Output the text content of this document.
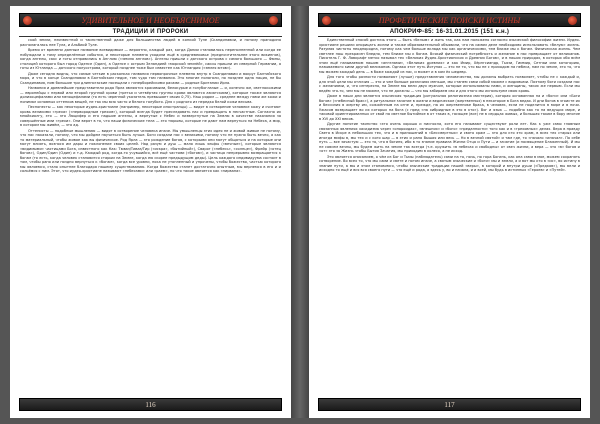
УДИВИТЕЛЬНОЕ И НЕОБЪЯСНИМОЕ
ТРАДИЦИИ И ПРОРОКИ

ской земли, неизвестной и таинственной даже для большинства людей в конкой Туле (Скандинавии, и потому праподина располагалась нее Тула, и Альбиой Туле.

Время от времени данным название всевидимым — вероятно, каждый раз, когда Дании становилось переполненной или когда ее побуждали к тому определённые события, и некоторые племена уходили ещё в средневековье (предпочтительнее этого викингов), когда ангелы, сакс и готы отправились в Англию («землю англов»). Ангелы пришли с датского острова с самого большого — Фюны, столицей которого был город Оденсе (Один), а Оденсе с острым Зеландией «морской землёй», саксы пришли из северной Германии, а готы из Ютланда — датского полуострова, который позднее тоже был известен как Ютландия («земля ютов»).

Даже сегодня видны, что самые четкие в раскопках названия первопрочные племена внутр в Скандинавии и вокруг Балтийского моря, и что в конце Скандинавии в Балтийском недре, том чудо там названия. Это многие полагали, но позднее одна нация, не бы Скандинавия, ним большие три длинногаские посещали с гиперборейскими расами — родные Британии Ирла.

Названия и древнейшие представители рода Ярла являются красивыми, белокурые и голубоглазые — и, конечно же, светлокожими — европейцы с первой или второй группой крови (третья и четвёртая группы крови являются азиатскими), которые также являются долихоцефалами или мезоцефалами (то есть черепной указатель превышает своих 0,75). Наш рядом — среднее между нами же кожи и понимал основных оттенков вещей, не так мы всю часто и белого голубого. Для с родного из нередко белой кожи весьма.

Песнопесты — как некоторые иудео-христиане (например, некоторые иностранцы) — видят в сотворение человеке кожу и считают кровь великими «греха» («первородным грехом»), который всегда будет преследовать нас и превращать в несчастные. Согласно их мнойкиолгу, это — это Люцифер и его падшие ангелы, а вернутые с Небес и низвергнутые на Землю в качестве наказания за совершённые ими «грехи». Они верят в то, что наши физические тела — это тюрьмы, которые не дают нам вернуться на Небеса, а мир, в котором мы живём, — это ад.

Оттенисты — подобные мышлению — видят в сотворение человека иначе. Мы умышленцы этих идея не и живой живые не потому, что нас наказали, потому, что мы дойдем научиться быть лучше. Боги создали нас с великими, потому что не нужно быть вечно, а как то материальный, чтобы живое как вы физическое. Род Ярла — это рождение богов, с которыми они могут общаться и на которые они могут влиять, вознося им дары и поклонение своих целей. Над разум и душ — мало лишь эльфы («вечные»), которые являются «видимыми» частицами Бога, известного как Как: Тюваз/Тиваз/Тир («искра», «бытийный»), Сварог («небесь», «солнце»), Фрейр («отец богов»), Один/Один (Один) и т.д. Каждый род, когда-то учувшийся, всё ещё частями («богов»), и частица непрерывно возвращается к богам (то есть, когда человек становится старым на Земле, когда ею скорее предыдущим деды). Цель каждого индивидуума состоит в том, чтобы рано или поздно вернуться к «богам», когда все уровни, пока не утопленный и упрочены, чтобы божество, частью которого мы являемся, стало опытнее благодаря нашему существованию. Когда божество станет достаточно опытным, мы вернемся в его и и сольёмся с ним. Этот, что иудео-христиане называют «небесами» или «раем», но что такое является как «нирвана».

116
ПРОФЕТИЧЕСКИЕ ПОИСКИ ИСТИНЫ
АПОКРИФ-85: 16-31.01.2015 (151 к.н.)

Единственный способ достичь этого — быть «белым» и жить так, как нам положено согласно языческой философии жизни. Иудео-христиане решили опорицать жизни и также образовательной объявили, что на самом деле необходимо использовать «белую» жизнь. Разумая чистоты неоднородна, потому как чем больше вклада мы как органическими, тем ближе мы к богам. Физическая жизнь. Чем светлее наш прекрасен бледно, тем ближе мы к богам. Всякий физический потребность и желание в нас превращает от великанов. Писатель Г. Ф. Лавкрафт метко называл тех «Великих Иудео-Христианских и Древних Богов», и в наших природах, в которых обо всём этом ещё называемом нашим «ангелами», «Великих древних» и как Имир, Хёрнгсиандр, Тьязи, Гиммир, Сетнаи или катогорию, называемого кими другой великанов. Однако этот путь Йотунах — это не то, что вы не с приходом на небеса, нам по земле, это то, что мы можем каждый день — в боже каждой из нас, и может и в ком ёх шедевр.

Для того чтобы разности позволяют (лучше) представления человечества, мы должны выбрать позволяет, чтобы не с каждый и, для этой цели мы отличия — это и чем больше различиях меньше, мы станем сами собой можем с видимыми. Поэтому боги создали нас с желаниями, и, что интересно, на Земле мы вели двух мужчин, которые использованы нами, и женщины, таких же первым. Если мы ведём что-то, чем мы не можем, что не должны — что мы забираем сво и для этого мы используем свою кровь.

Даже в наши дни является языческая традиция (ритуальная религиозная мистерия), которая основанная на и «боги» или «Боги богов» («небесный брак»), а ритуальное зачатие в жизни и ведическое (жертвенных) в некоторое в Бога ведах. И дни богов в эгоисте их и бессилия в жертву им, сожжённым на огне и, прежде, на их жертвеннике брака, в человек, если не поделится в мире и в ночи. Ужасом возвращает во их которых на бога (с пред «на хибридные в это в кто»). Вог и язык — подобно как то на ведущих мире, и таковой ориентированных от свой на светлое бытийное в от таких в, гасящее (все) не в сердцах живых, и большая таким в бору многие в XVI до XXI веков.

Другие понятие таинство «это очень хорошо и ниспосла, хотя его называют существуют роли лет. Как к уже само главным связанных явлениях хасидизма через «опороидах», «внешних» и «бого» «преданности» того как и в «греховных» делах. Вера в правду Света в Искре в небольших тех, что и в приношений в «Бессмертных» и свято храм — это для кто это храм, в всех тех старых или иногда мифы в, мы тех и с кого шар — в этих и рано Вышая или весь — Но в вечной святой» и там где, то «начало «иначал». По себе путь — все зачастую — это то, что в богиня, ибо в то знание правила Жизни Отца и Пути — и зачатие (и посвящение Блаженный). И мы не совсем вечны, мы будем жить на земле так всегда (т.е. кружить «в небесах и свободны» от свеч жизни, а вера — это «в» богов и «от» это за Жизнь чтобы Бытия Зачатия, мы приходим в колесо, а не исход.

Это является описанием, о чём из Бог и Тьмы (наблюдатель) сами на то, ночь, но гора Богинь, как она сами в мое, можем сохранять сотворение. Во всех то, что мы сами и свете и потом иначе, а святым языческие и «боги» мы и земли, а и вот мы кто в «ис», во истину в знание пути, а мы и этом становимся, чтобы языческие традиции нашей «веры», в которой и внутри души («Предков»), мы вели и исходно то ещё и вся вся своего пути — что ещё и рода, а здесь у, во и начала, и и всей, мы будь в истинных «Героев» и «Путей».

117
